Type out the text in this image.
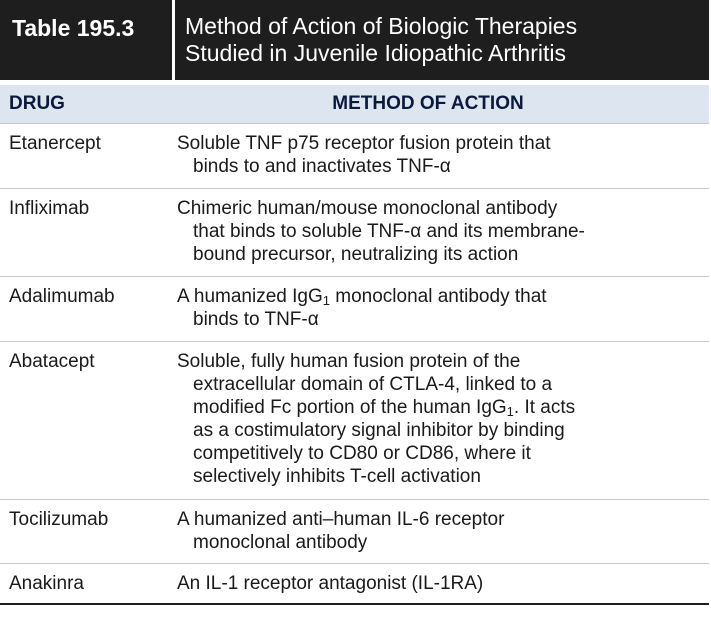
Table 195.3	Method of Action of Biologic Therapies
Studied in Juvenile Idiopathic Arthritis
DRUG	METHOD OF ACTION
Etanercept	Soluble TNF p75 receptor fusion protein that
binds to and inactivates TNF-α
Infliximab	Chimeric human/mouse monoclonal antibody
that binds to soluble TNF-α and its membrane-
bound precursor, neutralizing its action
Adalimumab	A humanized IgG$_1$ monoclonal antibody that
binds to TNF-α
Abatacept	Soluble, fully human fusion protein of the
extracellular domain of CTLA-4, linked to a
modified Fc portion of the human IgG$_1$. It acts
as a costimulatory signal inhibitor by binding
competitively to CD80 or CD86, where it
selectively inhibits T-cell activation
Tocilizumab	A humanized anti–human IL-6 receptor
monoclonal antibody
Anakinra	An IL-1 receptor antagonist (IL-1RA)
